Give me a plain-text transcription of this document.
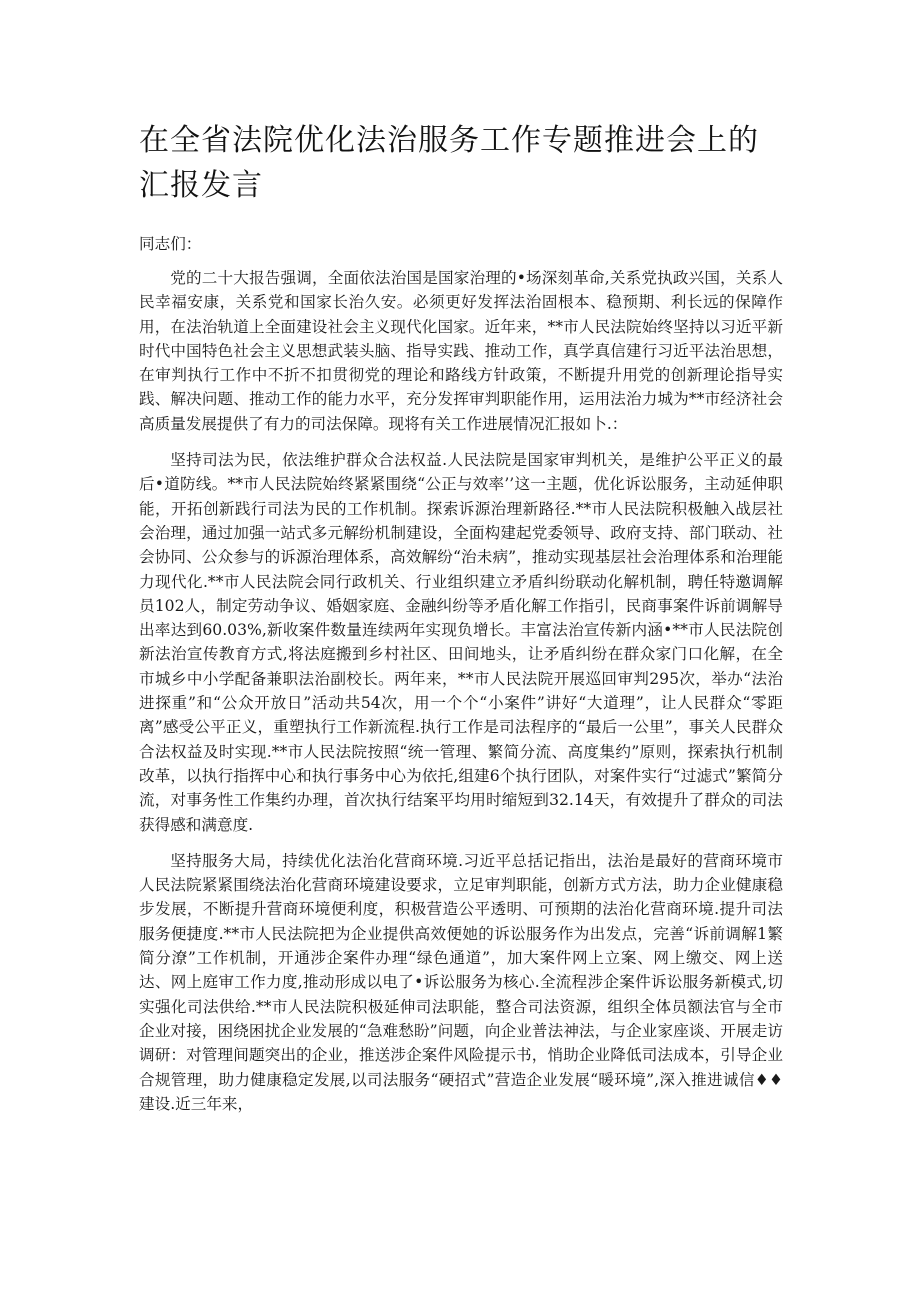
在全省法院优化法治服务工作专题推进会上的汇报发言

同志们：

党的二十大报告强调，全面依法治国是国家治理的•场深刻革命,关系党执政兴国，关系人民幸福安康，关系党和国家长治久安。必须更好发挥法治固根本、稳预期、利长远的保障作用，在法治轨道上全面建设社会主义现代化国家。近年来，**市人民法院始终坚持以习近平新时代中国特色社会主义思想武装头脑、指导实践、推动工作，真学真信建行习近平法治思想，在审判执行工作中不折不扣贯彻党的理论和路线方针政策，不断提升用党的创新理论指导实践、解决问题、推动工作的能力水平，充分发挥审判职能作用，运用法治力城为**市经济社会高质量发展提供了有力的司法保障。现将有关工作进展情况汇报如卜.：

坚持司法为民，依法维护群众合法权益.人民法院是国家审判机关，是维护公平正义的最后•道防线。**市人民法院始终紧紧围绕“公正与效率’’这一主题，优化诉讼服务，主动延伸职能，开拓创新践行司法为民的工作机制。探索诉源治理新路径.**市人民法院积极触入战层社会治理，通过加强一站式多元解纷机制建设，全面构建起党委领导、政府支持、部门联动、社会协同、公众参与的诉源治理体系，高效解纷“治未病”，推动实现基层社会治理体系和治理能力现代化.**市人民法院会同行政机关、行业组织建立矛盾纠纷联动化解机制，聘任特邀调解员102人，制定劳动争议、婚姻家庭、金融纠纷等矛盾化解工作指引，民商事案件诉前调解导出率达到60.03%,新收案件数量连续两年实现负增长。丰富法治宣传新内涵•**市人民法院创新法治宣传教育方式,将法庭搬到乡村社区、田间地头，让矛盾纠纷在群众家门口化解，在全市城乡中小学配备兼职法治副校长。两年来，**市人民法院开展巡回审判295次，举办“法治进探重”和“公众开放日”活动共54次，用一个个“小案件”讲好“大道理”，让人民群众“零距离”感受公平正义，重塑执行工作新流程.执行工作是司法程序的“最后一公里”，事关人民群众合法权益及时实现.**市人民法院按照“统一管理、繁简分流、高度集约”原则，探索执行机制改革，以执行指挥中心和执行事务中心为依托,组建6个执行团队，对案件实行“过滤式”繁简分流，对事务性工作集约办理，首次执行结案平均用时缩短到32.14天，有效提升了群众的司法获得感和满意度.

坚持服务大局，持续优化法治化营商环境.习近平总括记指出，法治是最好的营商环境市人民法院紧紧围绕法治化营商环境建设要求，立足审判职能，创新方式方法，助力企业健康稳步发展，不断提升营商环境便利度，积极营造公平透明、可预期的法治化营商环境.提升司法服务便捷度.**市人民法院把为企业提供高效便她的诉讼服务作为出发点，完善“诉前调解1繁简分潦”工作机制，开通涉企案件办理“绿色通道”，加大案件网上立案、网上缴交、网上送达、网上庭审工作力度,推动形成以电了•诉讼服务为核心.全流程涉企案件诉讼服务新模式,切实强化司法供给.**市人民法院积极延伸司法职能，整合司法资源，组织全体员额法官与全市企业对接，困绕困扰企业发展的“急难愁盼”问题，向企业普法神法，与企业家座谈、开展走访调研：对管理间题突出的企业，推送涉企案件风险提示书，悄助企业降低司法成本，引导企业合规管理，助力健康稳定发展,以司法服务“硬招式”营造企业发展“暖环境”,深入推进诚信♦♦建设.近三年来，
